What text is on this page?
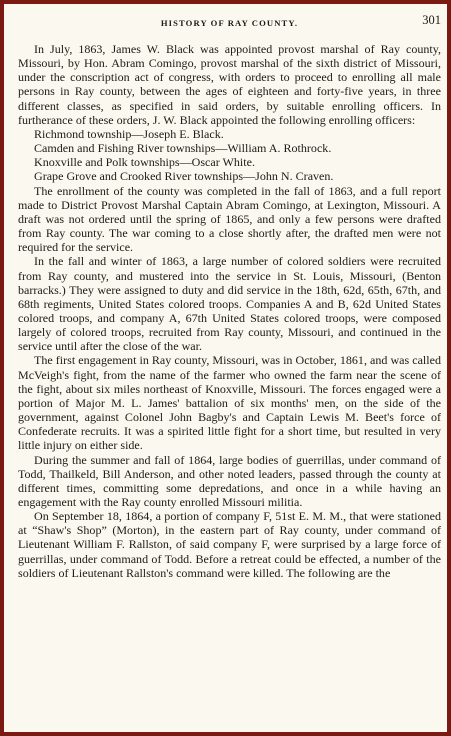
HISTORY OF RAY COUNTY.	301

In July, 1863, James W. Black was appointed provost marshal of Ray county, Missouri, by Hon. Abram Comingo, provost marshal of the sixth district of Missouri, under the conscription act of congress, with orders to proceed to enrolling all male persons in Ray county, between the ages of eighteen and forty-five years, in three different classes, as specified in said orders, by suitable enrolling officers. In furtherance of these orders, J. W. Black appointed the following enrolling officers:

Richmond township—Joseph E. Black.
Camden and Fishing River townships—William A. Rothrock.
Knoxville and Polk townships—Oscar White.
Grape Grove and Crooked River townships—John N. Craven.

The enrollment of the county was completed in the fall of 1863, and a full report made to District Provost Marshal Captain Abram Comingo, at Lexington, Missouri. A draft was not ordered until the spring of 1865, and only a few persons were drafted from Ray county. The war coming to a close shortly after, the drafted men were not required for the service.

In the fall and winter of 1863, a large number of colored soldiers were recruited from Ray county, and mustered into the service in St. Louis, Missouri, (Benton barracks.) They were assigned to duty and did service in the 18th, 62d, 65th, 67th, and 68th regiments, United States colored troops. Companies A and B, 62d United States colored troops, and company A, 67th United States colored troops, were composed largely of colored troops, recruited from Ray county, Missouri, and continued in the service until after the close of the war.

The first engagement in Ray county, Missouri, was in October, 1861, and was called McVeigh's fight, from the name of the farmer who owned the farm near the scene of the fight, about six miles northeast of Knoxville, Missouri. The forces engaged were a portion of Major M. L. James' battalion of six months' men, on the side of the government, against Colonel John Bagby's and Captain Lewis M. Beet's force of Confederate recruits. It was a spirited little fight for a short time, but resulted in very little injury on either side.

During the summer and fall of 1864, large bodies of guerrillas, under command of Todd, Thailkeld, Bill Anderson, and other noted leaders, passed through the county at different times, committing some depredations, and once in a while having an engagement with the Ray county enrolled Missouri militia.

On September 18, 1864, a portion of company F, 51st E. M. M., that were stationed at “Shaw's Shop” (Morton), in the eastern part of Ray county, under command of Lieutenant William F. Rallston, of said company F, were surprised by a large force of guerrillas, under command of Todd. Before a retreat could be effected, a number of the soldiers of Lieutenant Rallston's command were killed. The following are the
